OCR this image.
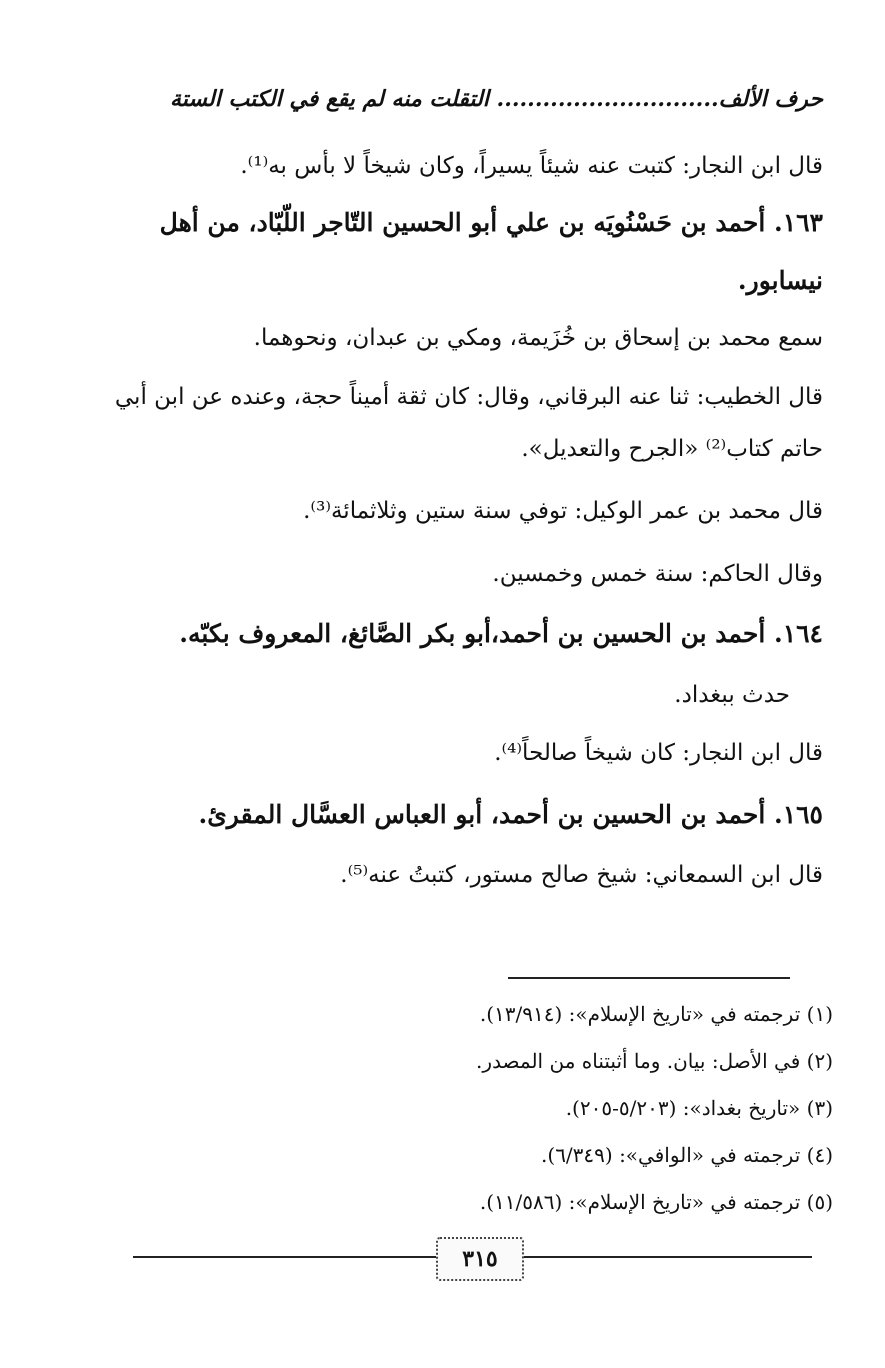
حرف الألف............................. التقلت منه لم يقع في الكتب الستة
قال ابن النجار: كتبت عنه شيئاً يسيراً، وكان شيخاً لا بأس به⁽¹⁾.
١٦٣. أحمد بن حَسْنُويَه بن علي أبو الحسين التّاجر اللّبّاد، من أهل
نيسابور.
سمع محمد بن إسحاق بن خُزَيمة، ومكي بن عبدان، ونحوهما.
قال الخطيب: ثنا عنه البرقاني، وقال: كان ثقة أميناً حجة، وعنده عن ابن أبي
حاتم كتاب⁽²⁾ «الجرح والتعديل».
قال محمد بن عمر الوكيل: توفي سنة ستين وثلاثمائة⁽³⁾.
وقال الحاكم: سنة خمس وخمسين.
١٦٤. أحمد بن الحسين بن أحمد،أبو بكر الصَّائغ، المعروف بكبّه.
حدث ببغداد.
قال ابن النجار: كان شيخاً صالحاً⁽⁴⁾.
١٦٥. أحمد بن الحسين بن أحمد، أبو العباس العسَّال المقرئ.
قال ابن السمعاني: شيخ صالح مستور، كتبتُ عنه⁽⁵⁾.
(١) ترجمته في «تاريخ الإسلام»: (١٣/٩١٤).
(٢) في الأصل: بيان. وما أثبتناه من المصدر.
(٣) «تاريخ بغداد»: (٥/٢٠٣-٢٠٥).
(٤) ترجمته في «الوافي»: (٦/٣٤٩).
(٥) ترجمته في «تاريخ الإسلام»: (١١/٥٨٦).
٣١٥
